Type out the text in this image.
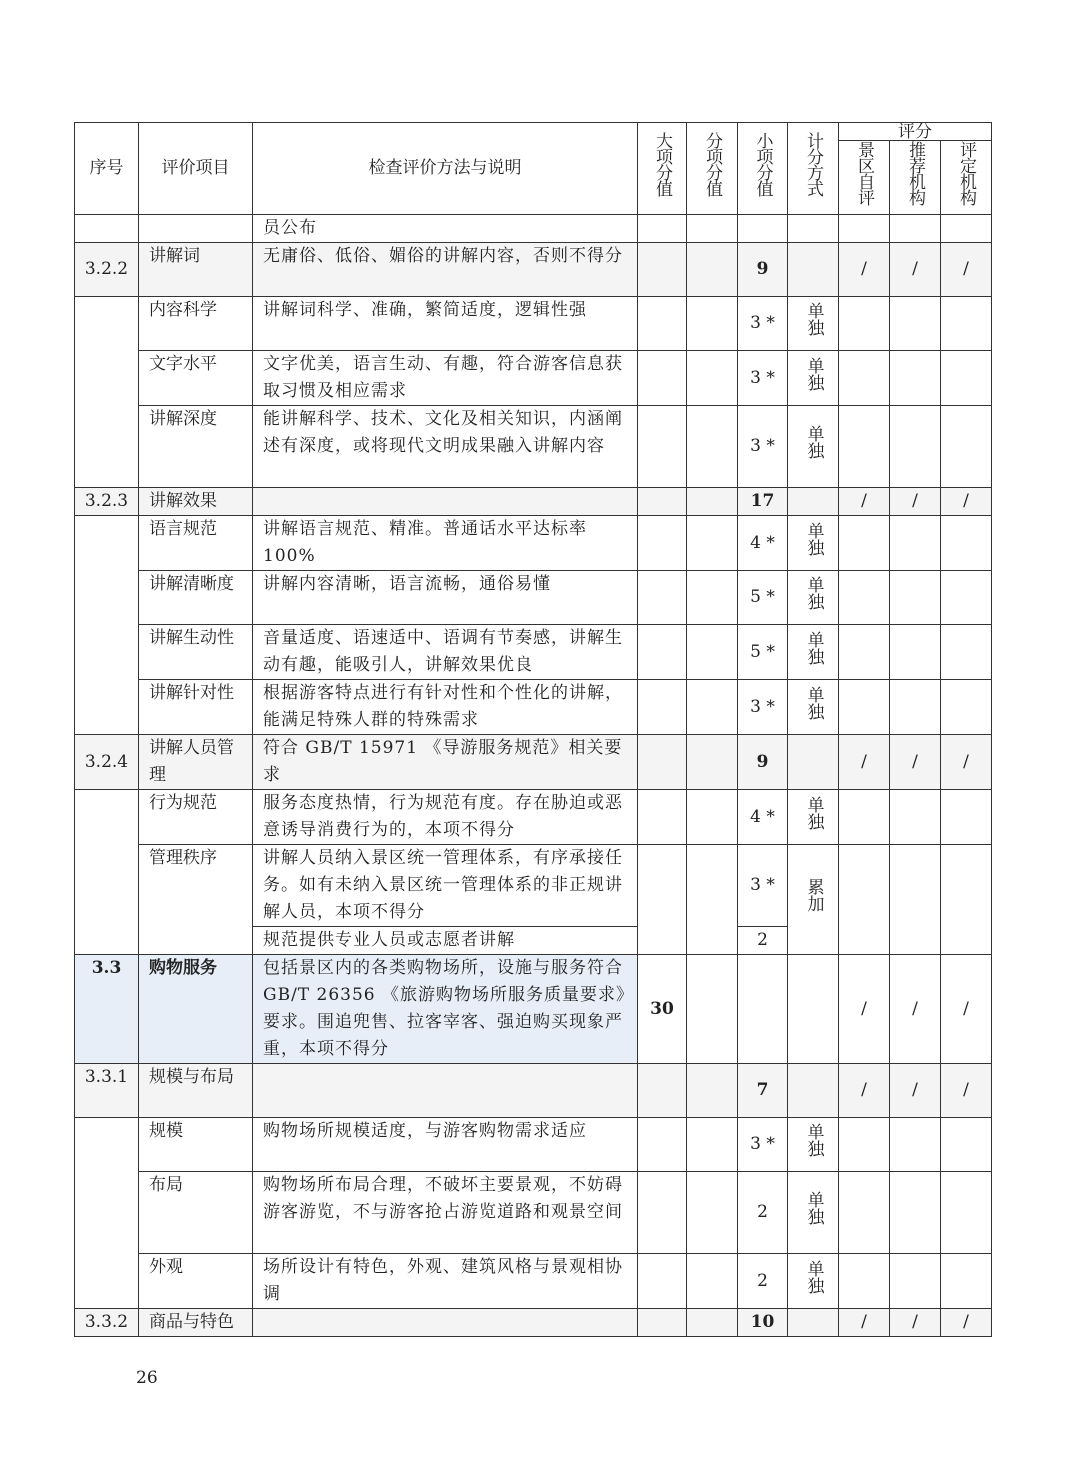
序号	评价项目	检查评价方法与说明	大项分值	分项分值	小项分值	计分方式	评分		
							景区自评	推荐机构	评定机构
		员公布							
3.2.2	讲解词	无庸俗、低俗、媚俗的讲解内容，否则不得分			9		/	/	/
	内容科学	讲解词科学、准确，繁简适度，逻辑性强			3 *	单独			
	文字水平	文字优美，语言生动、有趣，符合游客信息获取习惯及相应需求			3 *	单独			
	讲解深度	能讲解科学、技术、文化及相关知识，内涵阐述有深度，或将现代文明成果融入讲解内容			3 *	单独			
3.2.3	讲解效果				17		/	/	/
	语言规范	讲解语言规范、精准。普通话水平达标率100%			4 *	单独			
	讲解清晰度	讲解内容清晰，语言流畅，通俗易懂			5 *	单独			
	讲解生动性	音量适度、语速适中、语调有节奏感，讲解生动有趣，能吸引人，讲解效果优良			5 *	单独			
	讲解针对性	根据游客特点进行有针对性和个性化的讲解，能满足特殊人群的特殊需求			3 *	单独			
3.2.4	讲解人员管理	符合 GB/T 15971 《导游服务规范》相关要求			9		/	/	/
	行为规范	服务态度热情，行为规范有度。存在胁迫或恶意诱导消费行为的，本项不得分			4 *	单独			
	管理秩序	讲解人员纳入景区统一管理体系，有序承接任务。如有未纳入景区统一管理体系的非正规讲解人员，本项不得分			3 *	累加			
		规范提供专业人员或志愿者讲解			2				
3.3	购物服务	包括景区内的各类购物场所，设施与服务符合 GB/T 26356 《旅游购物场所服务质量要求》要求。围追兜售、拉客宰客、强迫购买现象严重，本项不得分	30				/	/	/
3.3.1	规模与布局				7		/	/	/
	规模	购物场所规模适度，与游客购物需求适应			3 *	单独			
	布局	购物场所布局合理，不破坏主要景观，不妨碍游客游览，不与游客抢占游览道路和观景空间			2	单独			
	外观	场所设计有特色，外观、建筑风格与景观相协调			2	单独			
3.3.2	商品与特色				10		/	/	/
26
